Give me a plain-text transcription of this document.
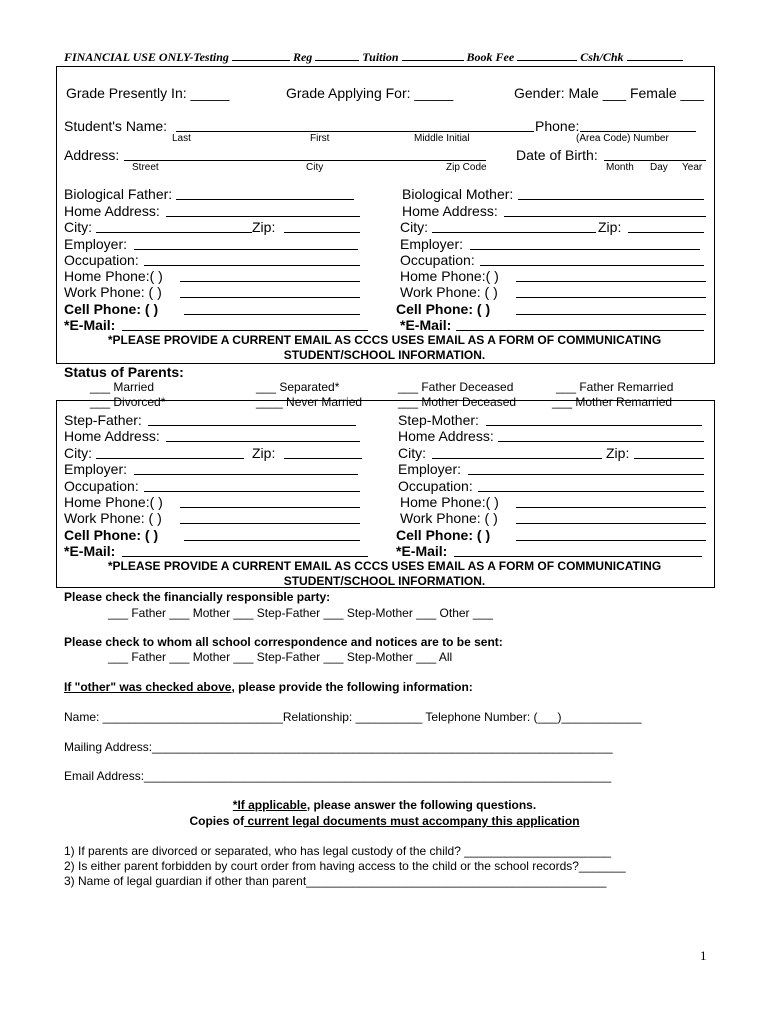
FINANCIAL USE ONLY-Testing	Reg	Tuition	Book Fee	Csh/Chk
Grade Presently In: _____	Grade Applying For: _____	Gender: Male ___ Female ___
Student's Name:	Phone:
Last	First	Middle Initial	(Area Code) Number
Address:	Date of Birth:
Street	City	Zip Code	Month Day Year
Biological Father:
Home Address:
City:	Zip:
Employer:
Occupation:
Home Phone:( )
Work Phone: ( )
Cell Phone: ( )
*E-Mail:
Biological Mother:
Home Address:
City:	Zip:
Employer:
Occupation:
Home Phone:( )
Work Phone: ( )
Cell Phone: ( )
*E-Mail:
*PLEASE PROVIDE A CURRENT EMAIL AS CCCS USES EMAIL AS A FORM OF COMMUNICATING
STUDENT/SCHOOL INFORMATION.
Status of Parents:
___ Married
___ Divorced*
___ Separated*
____ Never Married
___ Father Deceased
___ Mother Deceased
___ Father Remarried
___ Mother Remarried
Step-Father:
Home Address:
City:	Zip:
Employer:
Occupation:
Home Phone:( )
Work Phone: ( )
Cell Phone: ( )
*E-Mail:
Step-Mother:
Home Address:
City:	Zip:
Employer:
Occupation:
Home Phone:( )
Work Phone: ( )
Cell Phone: ( )
*E-Mail:
*PLEASE PROVIDE A CURRENT EMAIL AS CCCS USES EMAIL AS A FORM OF COMMUNICATING
STUDENT/SCHOOL INFORMATION.
Please check the financially responsible party:
___ Father ___ Mother ___ Step-Father ___ Step-Mother ___ Other ___
Please check to whom all school correspondence and notices are to be sent:
___ Father ___ Mother ___ Step-Father ___ Step-Mother ___ All
If "other" was checked above, please provide the following information:
Name: ___________________________Relationship: __________ Telephone Number: (___)____________
Mailing Address:_____________________________________________________________________
Email Address:______________________________________________________________________
*If applicable, please answer the following questions.
Copies of current legal documents must accompany this application
1) If parents are divorced or separated, who has legal custody of the child? ______________________
2) Is either parent forbidden by court order from having access to the child or the school records?_______
3) Name of legal guardian if other than parent_____________________________________________
1
